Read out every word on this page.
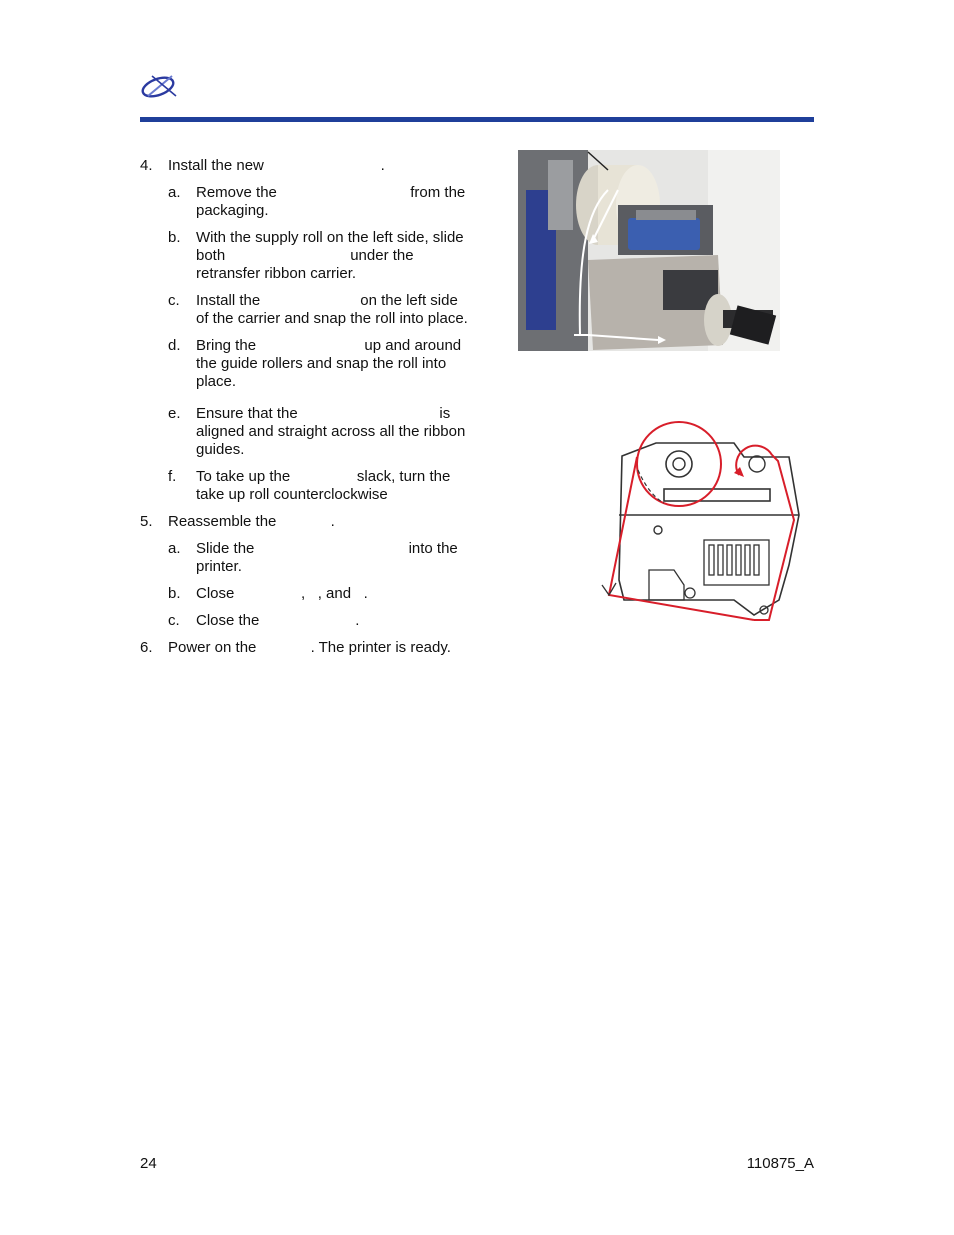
4. Install the new                            .
a. Remove the                                from the packaging.
b. With the supply roll on the left side, slide both                              under the retransfer ribbon carrier.
c. Install the                        on the left side of the carrier and snap the roll into place.
d. Bring the                          up and around the guide rollers and snap the roll into place.
e. Ensure that the                                  is aligned and straight across all the ribbon guides.
f. To take up the                slack, turn the take up roll counterclockwise
5. Reassemble the             .
a. Slide the                                     into the printer.
b. Close                ,   , and   .
c. Close the                       .
6. Power on the             . The printer is ready.
24	110875_A
